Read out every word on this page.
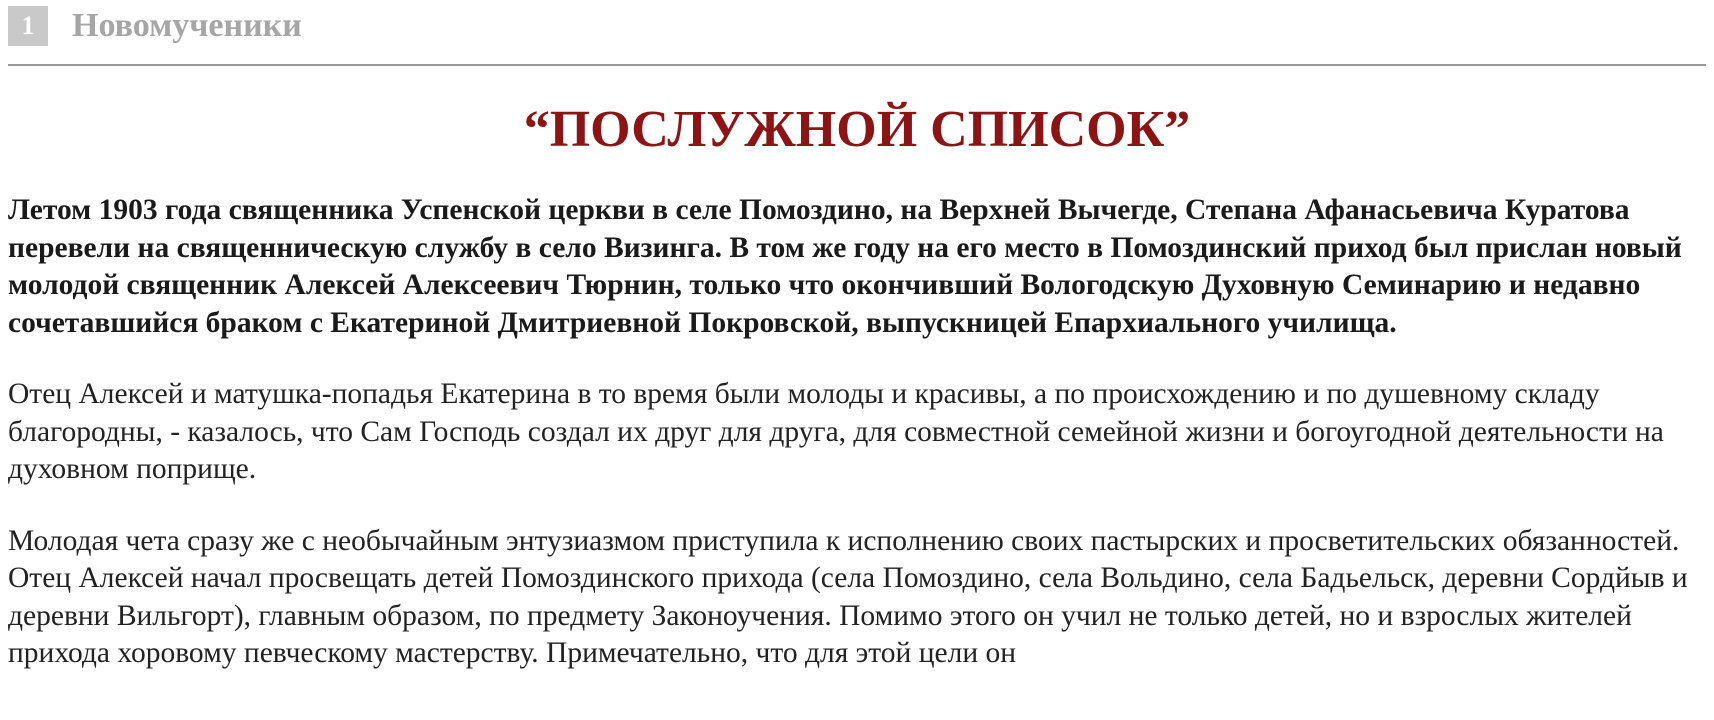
1	Новомученики
“ПОСЛУЖНОЙ СПИСОК”

Летом 1903 года священника Успенской церкви в селе Помоздино, на Верхней Вычегде, Степана Афанасьевича Куратова перевели на священническую службу в село Визинга. В том же году на его место в Помоздинский приход был прислан новый молодой священник Алексей Алексеевич Тюрнин, только что окончивший Вологодскую Духовную Семинарию и недавно сочетавшийся браком с Екатериной Дмитриевной Покровской, выпускницей Епархиального училища.

Отец Алексей и матушка-попадья Екатерина в то время были молоды и красивы, а по происхождению и по душевному складу благородны, - казалось, что Сам Господь создал их друг для друга, для совместной семейной жизни и богоугодной деятельности на духовном поприще.

Молодая чета сразу же с необычайным энтузиазмом приступила к исполнению своих пастырских и просветительских обязанностей. Отец Алексей начал просвещать детей Помоздинского прихода (села Помоздино, села Вольдино, села Бадьельск, деревни Сордйыв и деревни Вильгорт), главным образом, по предмету Законоучения. Помимо этого он учил не только детей, но и взрослых жителей прихода хоровому певческому мастерству. Примечательно, что для этой цели он
